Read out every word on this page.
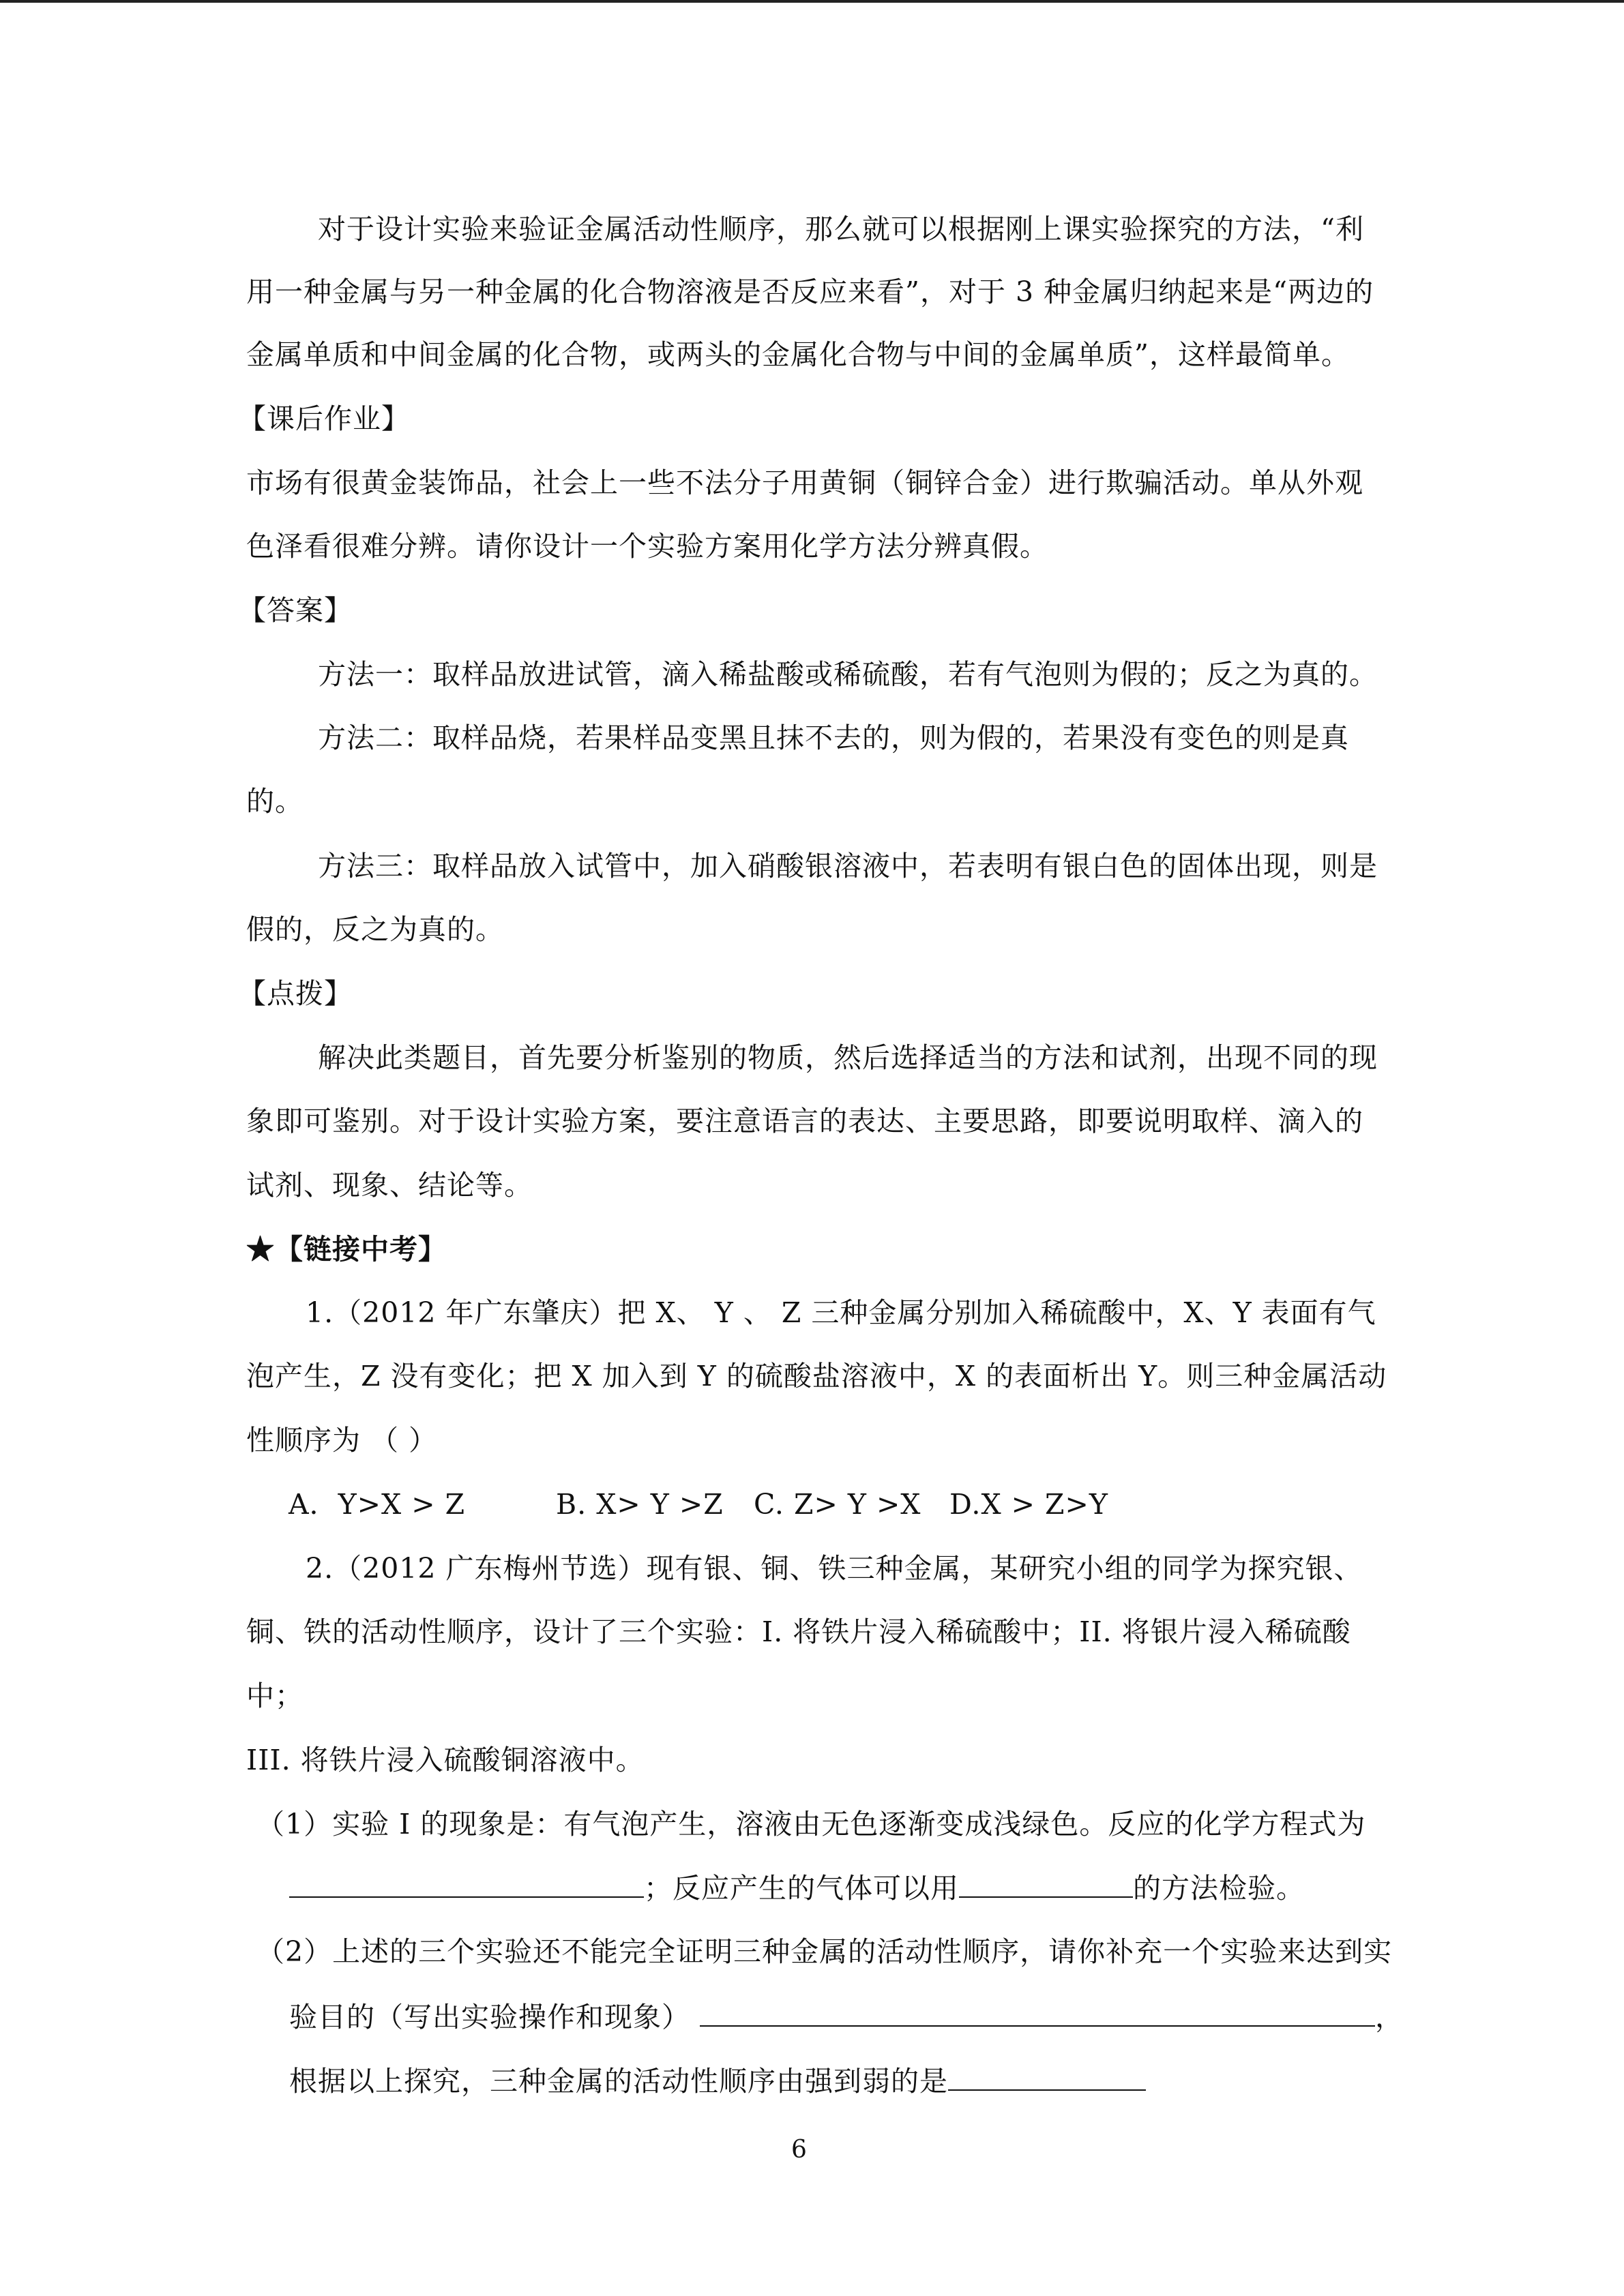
对于设计实验来验证金属活动性顺序，那么就可以根据刚上课实验探究的方法，“利
用一种金属与另一种金属的化合物溶液是否反应来看”，对于 3 种金属归纳起来是“两边的
金属单质和中间金属的化合物，或两头的金属化合物与中间的金属单质”，这样最简单。
【课后作业】
市场有很黄金装饰品，社会上一些不法分子用黄铜（铜锌合金）进行欺骗活动。单从外观
色泽看很难分辨。请你设计一个实验方案用化学方法分辨真假。
【答案】
方法一：取样品放进试管，滴入稀盐酸或稀硫酸，若有气泡则为假的；反之为真的。
方法二：取样品烧，若果样品变黑且抹不去的，则为假的，若果没有变色的则是真
的。
方法三：取样品放入试管中，加入硝酸银溶液中，若表明有银白色的固体出现，则是
假的，反之为真的。
【点拨】
解决此类题目，首先要分析鉴别的物质，然后选择适当的方法和试剂，出现不同的现
象即可鉴别。对于设计实验方案，要注意语言的表达、主要思路，即要说明取样、滴入的
试剂、现象、结论等。
★【链接中考】
1.（2012 年广东肇庆）把 X、 Y 、 Z 三种金属分别加入稀硫酸中，X、Y 表面有气
泡产生，Z 没有变化；把 X 加入到 Y 的硫酸盐溶液中，X 的表面析出 Y。则三种金属活动
性顺序为 （ ）
A．Y>X > Z	B. X> Y >Z C. Z> Y >X D.X > Z>Y
2.（2012 广东梅州节选）现有银、铜、铁三种金属，某研究小组的同学为探究银、
铜、铁的活动性顺序，设计了三个实验：I. 将铁片浸入稀硫酸中；II. 将银片浸入稀硫酸
中；
III. 将铁片浸入硫酸铜溶液中。
（1）实验 I 的现象是：有气泡产生，溶液由无色逐渐变成浅绿色。反应的化学方程式为
；反应产生的气体可以用	的方法检验。
（2）上述的三个实验还不能完全证明三种金属的活动性顺序，请你补充一个实验来达到实
验目的（写出实验操作和现象）	，
根据以上探究，三种金属的活动性顺序由强到弱的是
6
